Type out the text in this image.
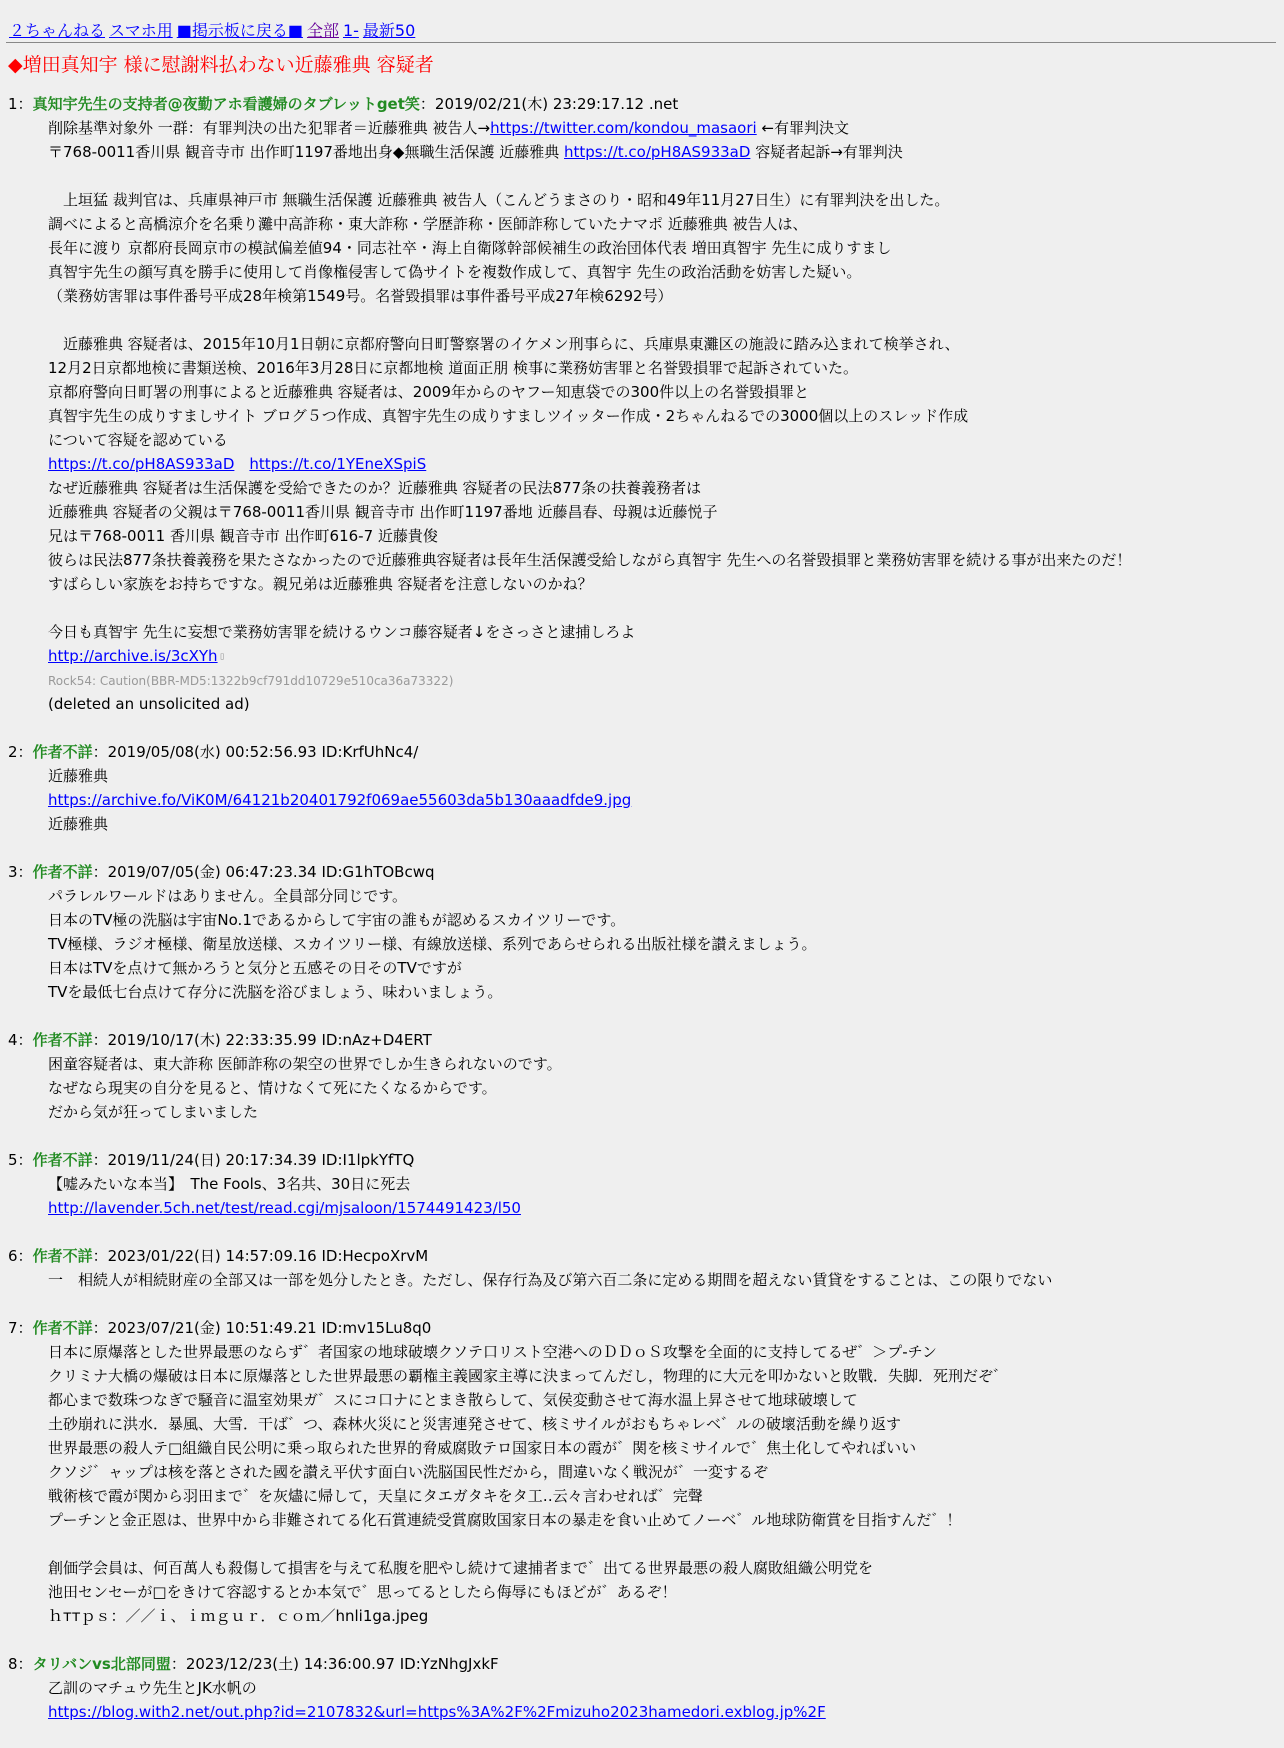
２ちゃんねる スマホ用 ■掲示板に戻る■ 全部 1- 最新50
◆増田真知宇 様に慰謝料払わない近藤雅典 容疑者
1：真知宇先生の支持者@夜勤アホ看護婦のタブレットget笑：2019/02/21(木) 23:29:17.12 .net
削除基準対象外 一群：有罪判決の出た犯罪者＝近藤雅典 被告人→https://twitter.com/kondou_masaori ←有罪判決文
〒768-0011香川県 観音寺市 出作町1197番地出身◆無職生活保護 近藤雅典 https://t.co/pH8AS933aD 容疑者起訴→有罪判決
　上垣猛 裁判官は、兵庫県神戸市 無職生活保護 近藤雅典 被告人（こんどうまさのり・昭和49年11月27日生）に有罪判決を出した。
調べによると高橋涼介を名乗り灘中高詐称・東大詐称・学歴詐称・医師詐称していたナマポ 近藤雅典 被告人は、
長年に渡り 京都府長岡京市の模試偏差値94・同志社卒・海上自衛隊幹部候補生の政治団体代表 増田真智宇 先生に成りすまし
真智宇先生の顔写真を勝手に使用して肖像権侵害して偽サイトを複数作成して、真智宇 先生の政治活動を妨害した疑い。
（業務妨害罪は事件番号平成28年検第1549号。名誉毀損罪は事件番号平成27年検6292号）
　近藤雅典 容疑者は、2015年10月1日朝に京都府警向日町警察署のイケメン刑事らに、兵庫県東灘区の施設に踏み込まれて検挙され、
12月2日京都地検に書類送検、2016年3月28日に京都地検 道面正朋 検事に業務妨害罪と名誉毀損罪で起訴されていた。
京都府警向日町署の刑事によると近藤雅典 容疑者は、2009年からのヤフー知恵袋での300件以上の名誉毀損罪と
真智宇先生の成りすましサイト ブログ５つ作成、真智宇先生の成りすましツイッター作成・2ちゃんねるでの3000個以上のスレッド作成
について容疑を認めている
https://t.co/pH8AS933aD　 https://t.co/1YEneXSpiS
なぜ近藤雅典 容疑者は生活保護を受給できたのか？近藤雅典 容疑者の民法877条の扶養義務者は
近藤雅典 容疑者の父親は〒768-0011香川県 観音寺市 出作町1197番地 近藤昌春、母親は近藤悦子
兄は〒768-0011 香川県 観音寺市 出作町616-7 近藤貴俊
彼らは民法877条扶養義務を果たさなかったので近藤雅典容疑者は長年生活保護受給しながら真智宇 先生への名誉毀損罪と業務妨害罪を続ける事が出来たのだ！
すばらしい家族をお持ちですな。親兄弟は近藤雅典 容疑者を注意しないのかね？
今日も真智宇 先生に妄想で業務妨害罪を続けるウンコ藤容疑者↓をさっさと逮捕しろよ
http://archive.is/3cXYh ▯
Rock54: Caution(BBR-MD5:1322b9cf791dd10729e510ca36a73322)
(deleted an unsolicited ad)
2：作者不詳：2019/05/08(水) 00:52:56.93 ID:KrfUhNc4/
近藤雅典
https://archive.fo/ViK0M/64121b20401792f069ae55603da5b130aaadfde9.jpg
近藤雅典
3：作者不詳：2019/07/05(金) 06:47:23.34 ID:G1hTOBcwq
パラレルワールドはありません。全員部分同じです。
日本のTV極の洗脳は宇宙No.1であるからして宇宙の誰もが認めるスカイツリーです。
TV極様、ラジオ極様、衛星放送様、スカイツリー様、有線放送様、系列であらせられる出版社様を讃えましょう。
日本はTVを点けて無かろうと気分と五感その日そのTVですが
TVを最低七台点けて存分に洗脳を浴びましょう、味わいましょう。
4：作者不詳：2019/10/17(木) 22:33:35.99 ID:nAz+D4ERT
困童容疑者は、東大詐称 医師詐称の架空の世界でしか生きられないのです。
なぜなら現実の自分を見ると、情けなくて死にたくなるからです。
だから気が狂ってしまいました
5：作者不詳：2019/11/24(日) 20:17:34.39 ID:I1lpkYfTQ
【嘘みたいな本当】　The Fools、3名共、30日に死去
http://lavender.5ch.net/test/read.cgi/mjsaloon/1574491423/l50
6：作者不詳：2023/01/22(日) 14:57:09.16 ID:HecpoXrvM
一　相続人が相続財産の全部又は一部を処分したとき。ただし、保存行為及び第六百二条に定める期間を超えない賃貸をすることは、この限りでない
7：作者不詳：2023/07/21(金) 10:51:49.21 ID:mv15Lu8q0
日本に原爆落とした世界最悪のならず゛者国家の地球破壊クソテ口リスト空港へのＤＤｏＳ攻撃を全面的に支持してるぜ゛＞プ‐チン
クリミナ大橋の爆破は日本に原爆落とした世界最悪の覇権主義國家主導に決まってんだし，物理的に大元を叩かないと敗戰．失脚．死刑だぞ゛
都心まで数珠つなぎで騒音に温室効果ガ゛スにコ口ナにとまき散らして、気侯変動させて海水温上昇させて地球破壊して
土砂崩れに洪水．暴風、大雪．干ば゛つ、森林火災にと災害連発させて、核ミサイルがおもちゃレベ゛ルの破壞活動を繰り返す
世界最悪の殺人テ□組織自民公明に乗っ取られた世界的脅威腐敗テロ国家日本の霞が゛関を核ミサイルで゛焦土化してやればいい
クソジ゛ャップは核を落とされた國を讃え平伏す面白い洗脳国民性だから，間違いなく戦況が゛一変するぞ
戦術核で霞が関から羽田まで゛を灰燼に帰して，天皇にタエガタキをタ工‥云々言わせれば゛完聲
プーチンと金正恩は、世界中から非難されてる化石賞連続受賞腐敗国家日本の暴走を食い止めてノーベ゛ル地球防衛賞を目指すんだ゛！
創価学会員は、何百萬人も殺傷して損害を与えて私腹を肥やし続けて逮捕者まで゛出てる世界最悪の殺人腐敗組織公明党を
池田センセーが□をきけて容認するとか本気で゛思ってるとしたら侮辱にもほどが゛あるぞ！
ｈттｐｓ：／／ｉ、ｉｍｇｕｒ．ｃｏｍ／hnli1ga.jpeg
8：タリバンvs北部同盟：2023/12/23(土) 14:36:00.97 ID:YzNhgJxkF
乙訓のマチュウ先生とJK水帆の
https://blog.with2.net/out.php?id=2107832&url=https%3A%2F%2Fmizuho2023hamedori.exblog.jp%2F
